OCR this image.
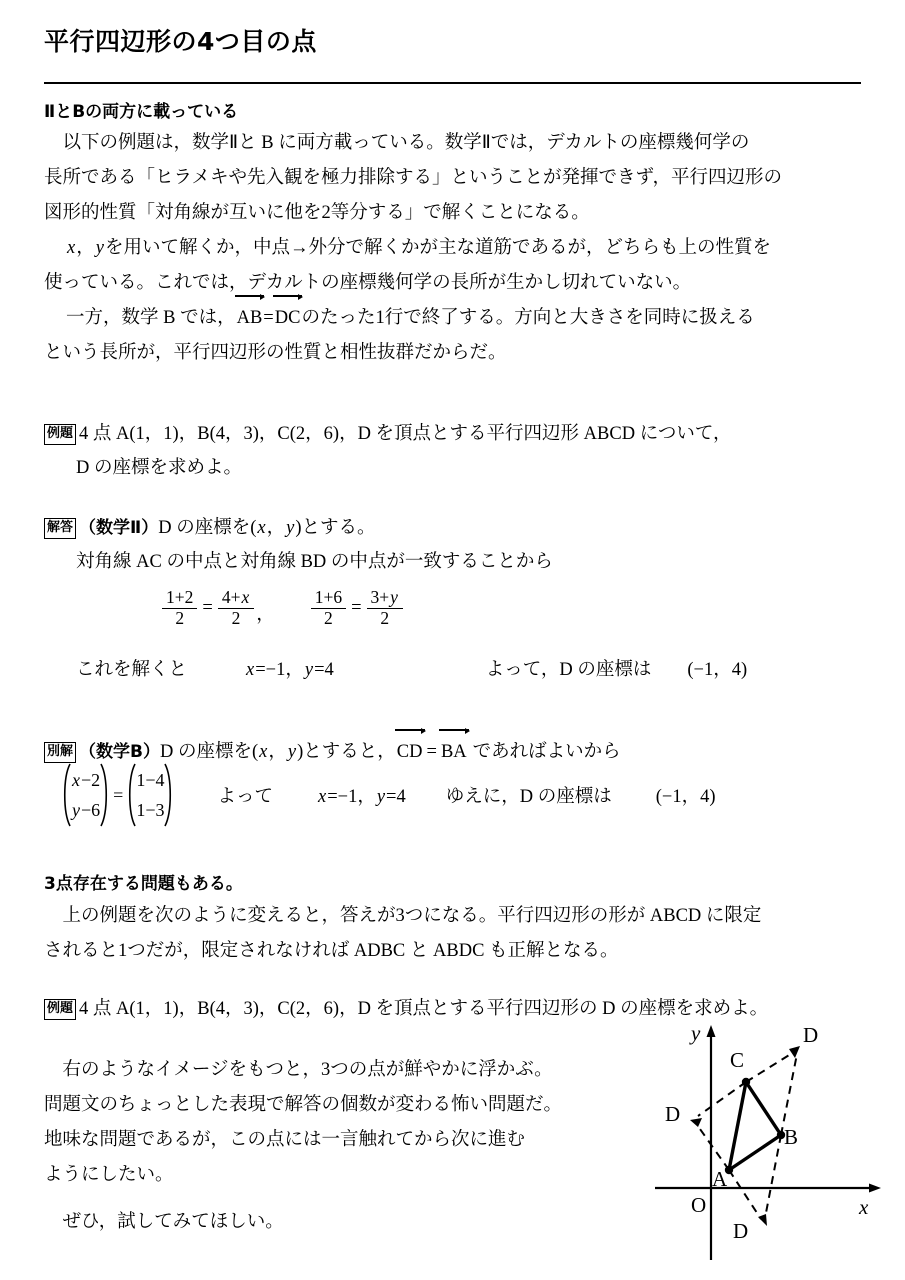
平行四辺形の4つ目の点
ⅡとBの両方に載っている
　以下の例題は，数学Ⅱと B に両方載っている。数学Ⅱでは，デカルトの座標幾何学の
長所である「ヒラメキや先入観を極力排除する」ということが発揮できず，平行四辺形の
図形的性質「対角線が互いに他を2等分する」で解くことになる。
x，yを用いて解くか，中点→外分で解くかが主な道筋であるが，どちらも上の性質を
使っている。これでは，デカルトの座標幾何学の長所が生かし切れていない。
一方，数学 B では，
AB=
DCのたった1行で終了する。方向と大きさを同時に扱える
という長所が，平行四辺形の性質と相性抜群だからだ。
例題 4 点 A(1，1)，B(4，3)，C(2，6)，D を頂点とする平行四辺形 ABCD について，
D の座標を求めよ。
解答 （数学Ⅱ）D の座標を(x，y)とする。
対角線 AC の中点と対角線 BD の中点が一致することから
$\frac{1+2}{2} = \frac{4+x}{2}$ ， $\frac{1+6}{2} = \frac{3+y}{2}$
これを解くと	x=−1，y=4	よって，D の座標は (−1，4)
別解 （数学B）D の座標を(x，y)とすると，
CD = BA であればよいから
x−2
y−6
=
1−4
1−3
よって x=−1，y=4 ゆえに，D の座標は (−1，4)
3点存在する問題もある。
　上の例題を次のように変えると，答えが3つになる。平行四辺形の形が ABCD に限定
されると1つだが，限定されなければ ADBC と ABDC も正解となる。
例題 4 点 A(1，1)，B(4，3)，C(2，6)，D を頂点とする平行四辺形の D の座標を求めよ。
　右のようなイメージをもつと，3つの点が鮮やかに浮かぶ。
問題文のちょっとした表現で解答の個数が変わる怖い問題だ。
地味な問題であるが，この点には一言触れてから次に進む
ようにしたい。
　ぜひ，試してみてほしい。
x
y
O
A
B
C
D
D
D
